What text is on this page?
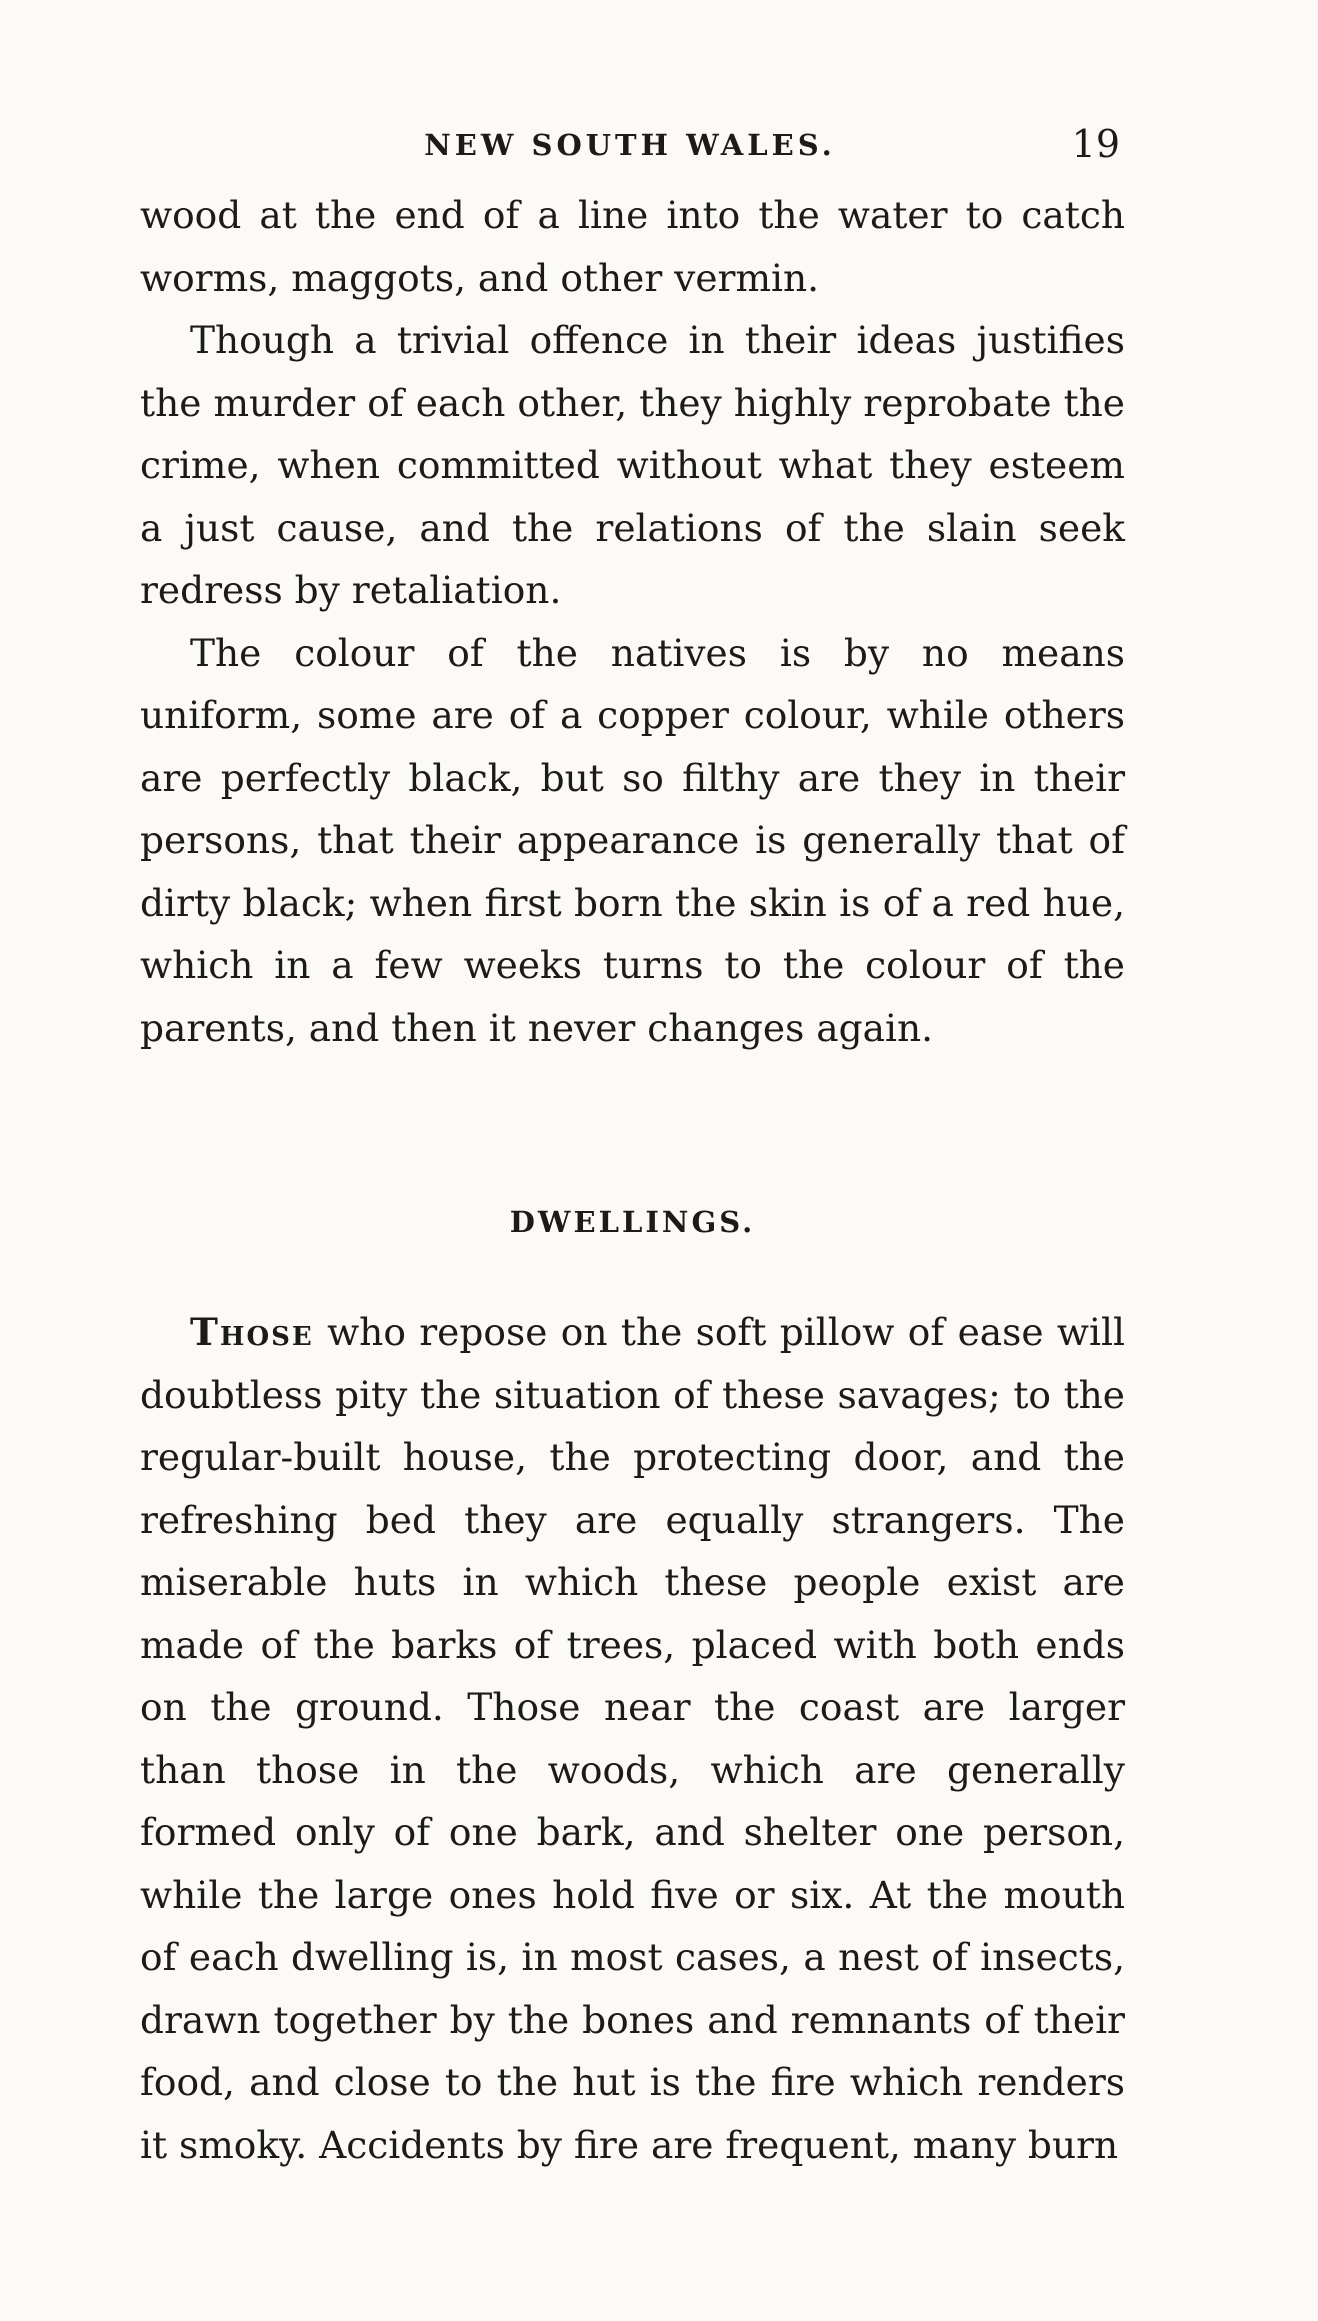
NEW SOUTH WALES.	19

wood at the end of a line into the water to catch worms, maggots, and other vermin.

Though a trivial offence in their ideas justifies the murder of each other, they highly reprobate the crime, when committed without what they esteem a just cause, and the relations of the slain seek redress by retaliation.

The colour of the natives is by no means uniform, some are of a copper colour, while others are perfectly black, but so filthy are they in their persons, that their appearance is generally that of dirty black; when first born the skin is of a red hue, which in a few weeks turns to the colour of the parents, and then it never changes again.

DWELLINGS.

Those who repose on the soft pillow of ease will doubtless pity the situation of these savages; to the regular-built house, the protecting door, and the refreshing bed they are equally strangers. The miserable huts in which these people exist are made of the barks of trees, placed with both ends on the ground. Those near the coast are larger than those in the woods, which are generally formed only of one bark, and shelter one person, while the large ones hold five or six. At the mouth of each dwelling is, in most cases, a nest of insects, drawn together by the bones and remnants of their food, and close to the hut is the fire which renders it smoky. Accidents by fire are frequent, many burn
